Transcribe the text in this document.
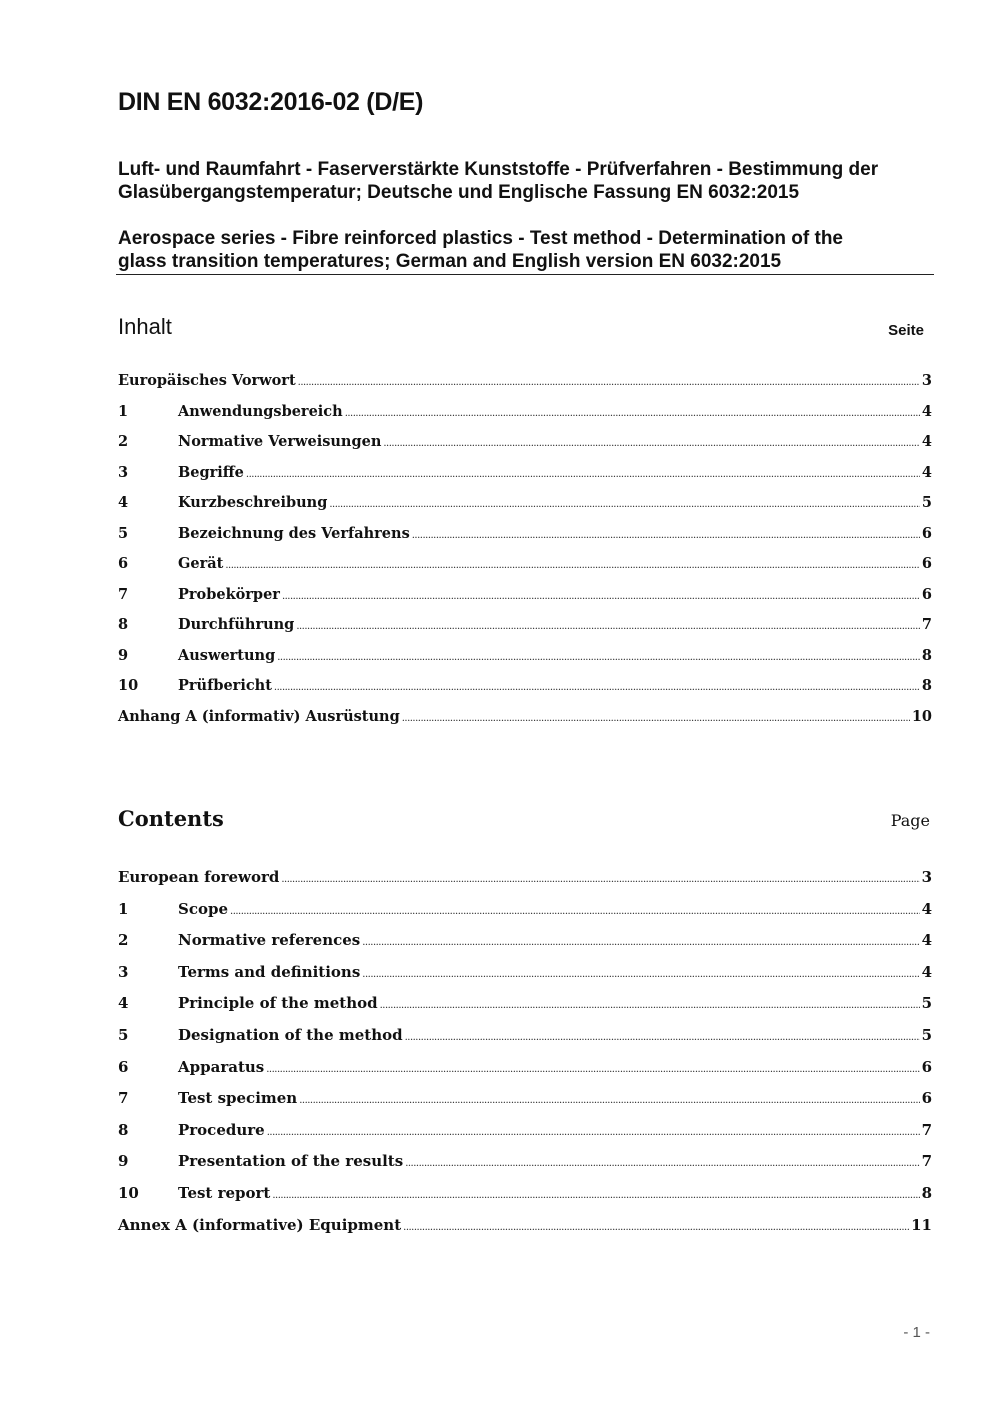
DIN EN 6032:2016-02 (D/E)
Luft- und Raumfahrt - Faserverstärkte Kunststoffe - Prüfverfahren - Bestimmung der
Glasübergangstemperatur; Deutsche und Englische Fassung EN 6032:2015
Aerospace series - Fibre reinforced plastics - Test method - Determination of the
glass transition temperatures; German and English version EN 6032:2015
Inhalt	Seite
Europäisches Vorwort .....	3
1	Anwendungsbereich .....	4
2	Normative Verweisungen .....	4
3	Begriffe .....	4
4	Kurzbeschreibung .....	5
5	Bezeichnung des Verfahrens .....	6
6	Gerät .....	6
7	Probekörper .....	6
8	Durchführung .....	7
9	Auswertung .....	8
10	Prüfbericht .....	8
Anhang A (informativ) Ausrüstung .....	10
Contents	Page
European foreword .....	3
1	Scope .....	4
2	Normative references .....	4
3	Terms and definitions .....	4
4	Principle of the method .....	5
5	Designation of the method .....	5
6	Apparatus .....	6
7	Test specimen .....	6
8	Procedure .....	7
9	Presentation of the results .....	7
10	Test report .....	8
Annex A (informative) Equipment .....	11
- 1 -
